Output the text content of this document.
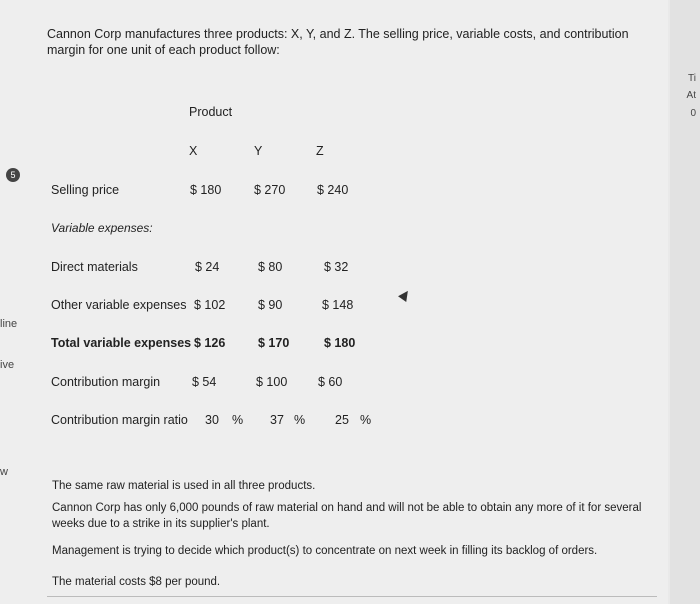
Cannon Corp manufactures three products: X, Y, and Z. The selling price, variable costs, and contribution margin for one unit of each product follow:
5
line
ive
w
Ti
At
0
Product
X	Y	Z
Selling price	$ 180	$ 270	$ 240
Variable expenses:
Direct materials	$ 24	$ 80	$ 32
Other variable expenses $ 102	$ 90	$ 148
Total variable expenses $ 126	$ 170	$ 180
Contribution margin	$ 54	$ 100 $ 60
Contribution margin ratio 30 % 37 % 25 %
The same raw material is used in all three products.
Cannon Corp has only 6,000 pounds of raw material on hand and will not be able to obtain any more of it for several weeks due to a strike in its supplier's plant.
Management is trying to decide which product(s) to concentrate on next week in filling its backlog of orders.
The material costs $8 per pound.
